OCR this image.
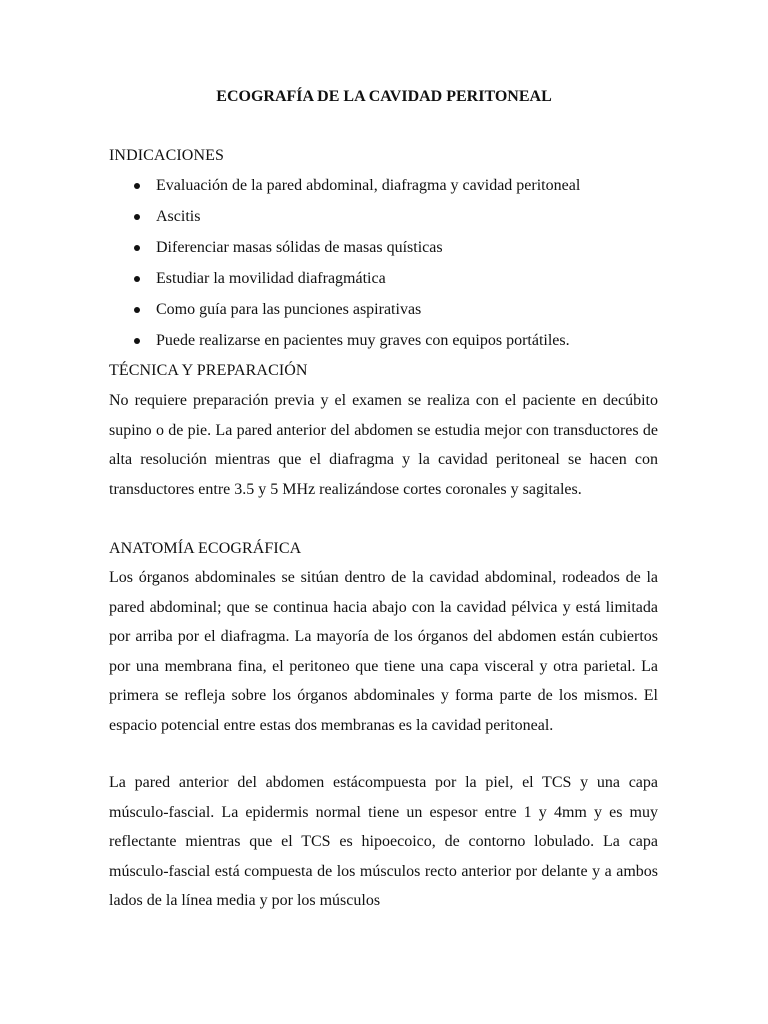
ECOGRAFÍA DE LA CAVIDAD PERITONEAL
INDICACIONES
Evaluación de la pared abdominal, diafragma y cavidad peritoneal
Ascitis
Diferenciar masas sólidas de masas quísticas
Estudiar la movilidad diafragmática
Como guía para las punciones aspirativas
Puede realizarse en pacientes muy graves con equipos portátiles.
TÉCNICA Y PREPARACIÓN

No requiere preparación previa y el examen se realiza con el paciente en decúbito supino o de pie. La pared anterior del abdomen se estudia mejor con transductores de alta resolución mientras que el diafragma y la cavidad peritoneal se hacen con transductores entre 3.5 y 5 MHz realizándose cortes coronales y sagitales.

ANATOMÍA ECOGRÁFICA

Los órganos abdominales se sitúan dentro de la cavidad abdominal, rodeados de la pared abdominal; que se continua hacia abajo con la cavidad pélvica y está limitada por arriba por el diafragma. La mayoría de los órganos del abdomen están cubiertos por una membrana fina, el peritoneo que tiene una capa visceral y otra parietal. La primera se refleja sobre los órganos abdominales y forma parte de los mismos. El espacio potencial entre estas dos membranas es la cavidad peritoneal.

La pared anterior del abdomen estácompuesta por la piel, el TCS y una capa músculo-fascial. La epidermis normal tiene un espesor entre 1 y 4mm y es muy reflectante mientras que el TCS es hipoecoico, de contorno lobulado. La capa músculo-fascial está compuesta de los músculos recto anterior por delante y a ambos lados de la línea media y por los músculos
